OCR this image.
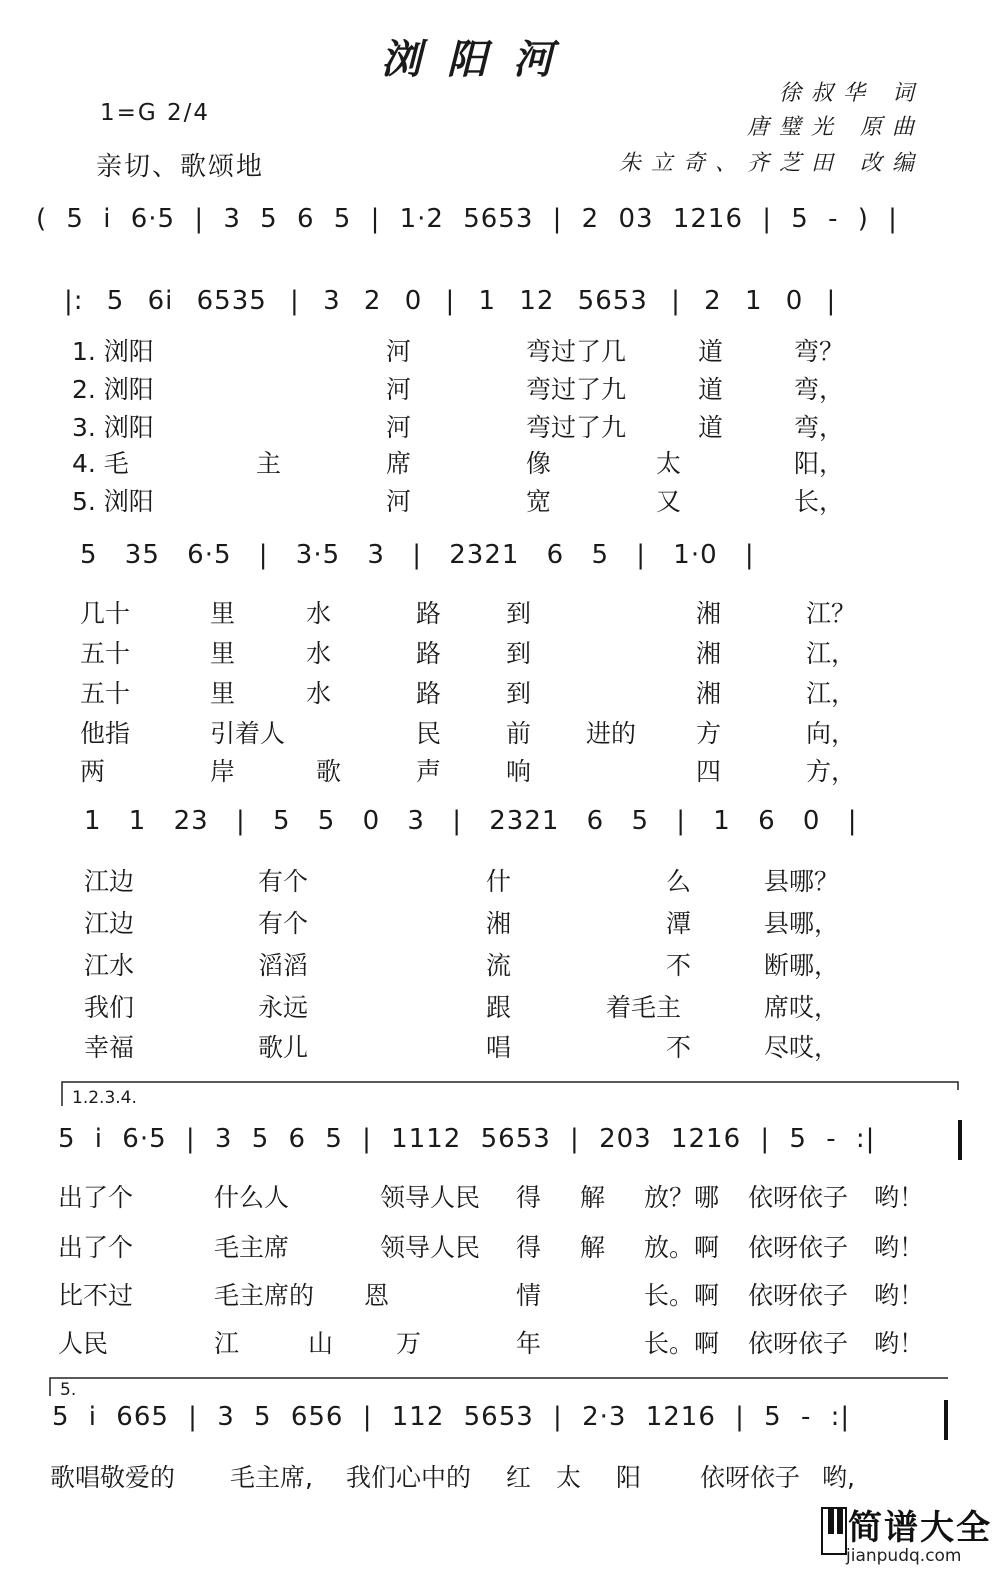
浏阳河
1=G 2/4
亲切、歌颂地
徐叔华 词
唐璧光 原曲
朱立奇、齐芝田 改编
( 5 i 6·5 | 3 5 6 5 | 1·2 5653 | 2 03 1216 | 5 - ) |
|: 5 6i 6535 | 3 2 0 | 1 12 5653 | 2 1 0 |
5 35 6·5 | 3·5 3 | 2321 6 5 | 1·0 |
1 1 23 | 5 5 0 3 | 2321 6 5 | 1 6 0 |
5 i 6·5 | 3 5 6 5 | 1112 5653 | 203 1216 | 5 - :|
5 i 665 | 3 5 656 | 112 5653 | 2·3 1216 | 5 - :|
1.2.3.4.
5.
1. 浏阳	河	弯过了几	道	弯？
2. 浏阳	河	弯过了九	道	弯，
3. 浏阳	河	弯过了九	道	弯，
4. 毛	主	席	像	太	阳，
5. 浏阳	河	宽	又	长，
几十	里	水	路	到	湘	江？
五十	里	水	路	到	湘	江，
五十	里	水	路	到	湘	江，
他指	引着人	民	前 进的 方	向，
两	岸	歌	声	响	四	方，
江边	有个	什	么	县哪？
江边	有个	湘	潭	县哪，
江水	滔滔	流	不	断哪，
我们	永远	跟	着毛主	席哎，
幸福	歌儿	唱	不	尽哎，
出了个	什么人	领导人民 得 解 放？哪 依呀依子 哟！
出了个	毛主席	领导人民 得 解 放。啊 依呀依子 哟！
比不过	毛主席的 恩	情	长。啊 依呀依子 哟！
人民	江	山	万	年	长。啊 依呀依子 哟！
歌唱敬爱的 毛主席, 我们心中的 红 太 阳 依呀依子 哟,
简谱大全
jianpudq.com
